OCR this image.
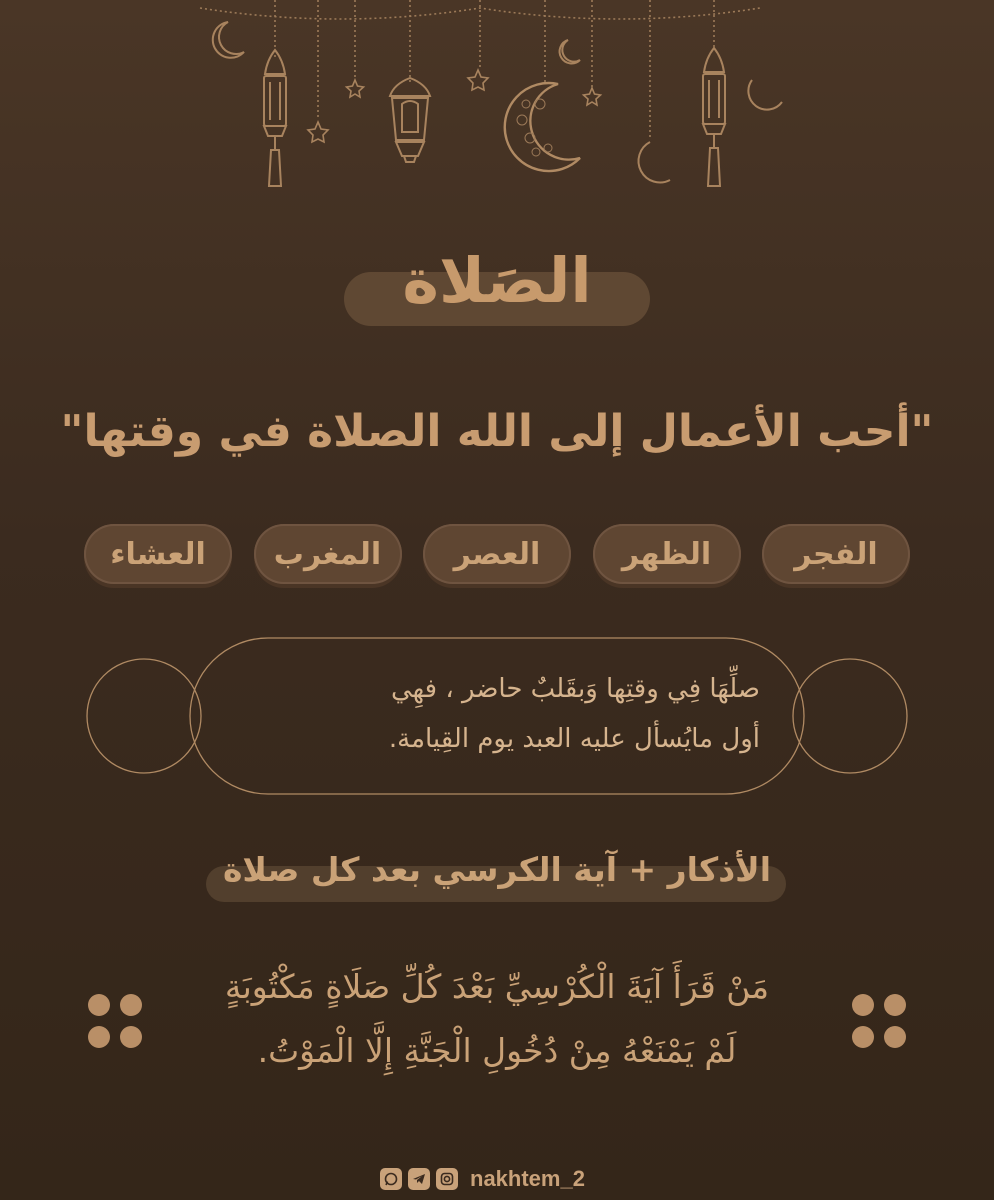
الصَلاة
"أحب الأعمال إلى الله الصلاة في وقتها"
الفجر
الظهر
العصر
المغرب
العشاء
صلِّهَا فِي وقتِها وَبقَلبٌ حاضر ، فهِي
أول مايُسأل عليه العبد يوم القِيامة.
الأذكار + آية الكرسي بعد كل صلاة
مَنْ قَرَأَ آيَةَ الْكُرْسِيِّ بَعْدَ كُلِّ صَلَاةٍ مَكْتُوبَةٍ
لَمْ يَمْنَعْهُ مِنْ دُخُولِ الْجَنَّةِ إِلَّا الْمَوْتُ.
nakhtem_2
